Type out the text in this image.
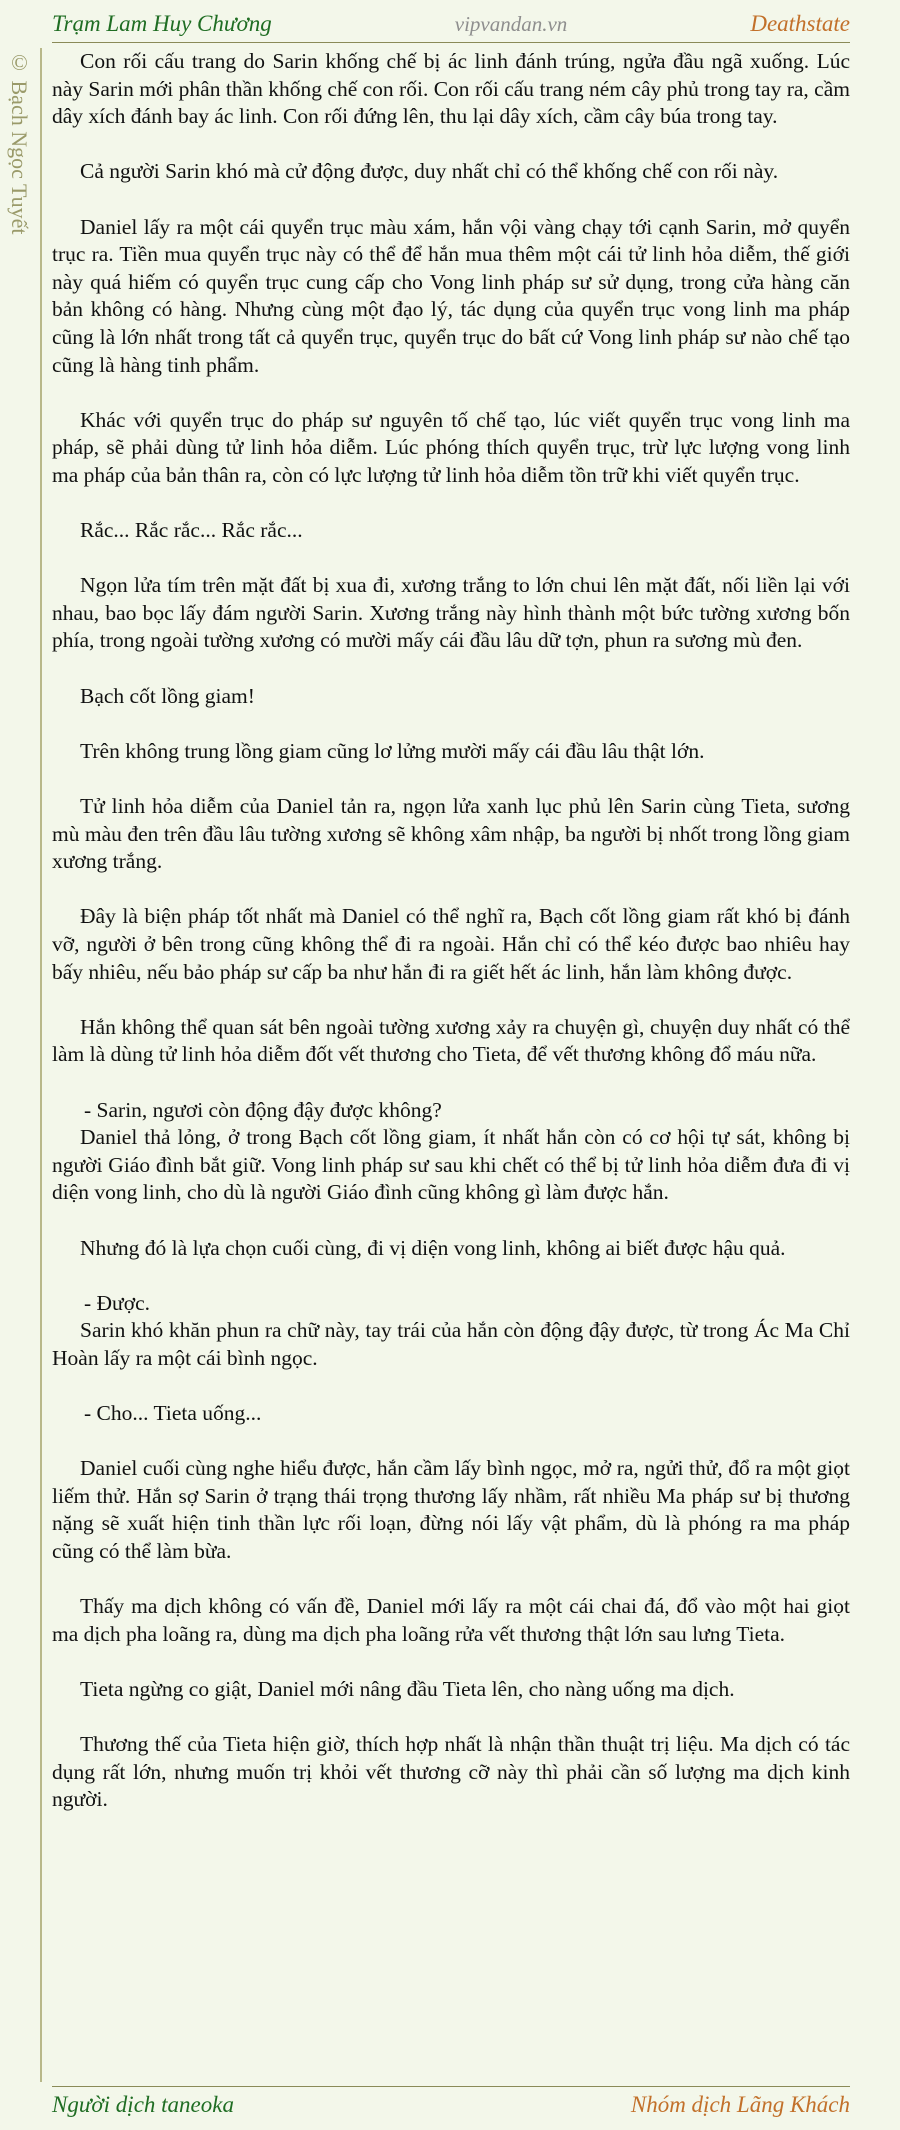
Trạm Lam Huy Chương	vipvandan.vn	Deathstate
© Bạch Ngọc Tuyết	Con rối cấu trang do Sarin khống chế bị ác linh đánh trúng, ngửa đầu ngã xuống. Lúc này Sarin mới phân thần khống chế con rối. Con rối cấu trang ném cây phủ trong tay ra, cầm dây xích đánh bay ác linh. Con rối đứng lên, thu lại dây xích, cầm cây búa trong tay.

Cả người Sarin khó mà cử động được, duy nhất chỉ có thể khống chế con rối này.

Daniel lấy ra một cái quyển trục màu xám, hắn vội vàng chạy tới cạnh Sarin, mở quyển trục ra. Tiền mua quyển trục này có thể để hắn mua thêm một cái tử linh hỏa diễm, thế giới này quá hiếm có quyển trục cung cấp cho Vong linh pháp sư sử dụng, trong cửa hàng căn bản không có hàng. Nhưng cùng một đạo lý, tác dụng của quyển trục vong linh ma pháp cũng là lớn nhất trong tất cả quyển trục, quyển trục do bất cứ Vong linh pháp sư nào chế tạo cũng là hàng tinh phẩm.

Khác với quyển trục do pháp sư nguyên tố chế tạo, lúc viết quyển trục vong linh ma pháp, sẽ phải dùng tử linh hỏa diễm. Lúc phóng thích quyển trục, trừ lực lượng vong linh ma pháp của bản thân ra, còn có lực lượng tử linh hỏa diễm tồn trữ khi viết quyển trục.

Rắc... Rắc rắc... Rắc rắc...

Ngọn lửa tím trên mặt đất bị xua đi, xương trắng to lớn chui lên mặt đất, nối liền lại với nhau, bao bọc lấy đám người Sarin. Xương trắng này hình thành một bức tường xương bốn phía, trong ngoài tường xương có mười mấy cái đầu lâu dữ tợn, phun ra sương mù đen.

Bạch cốt lồng giam!

Trên không trung lồng giam cũng lơ lửng mười mấy cái đầu lâu thật lớn.

Tử linh hỏa diễm của Daniel tản ra, ngọn lửa xanh lục phủ lên Sarin cùng Tieta, sương mù màu đen trên đầu lâu tường xương sẽ không xâm nhập, ba người bị nhốt trong lồng giam xương trắng.

Đây là biện pháp tốt nhất mà Daniel có thể nghĩ ra, Bạch cốt lồng giam rất khó bị đánh vỡ, người ở bên trong cũng không thể đi ra ngoài. Hắn chỉ có thể kéo được bao nhiêu hay bấy nhiêu, nếu bảo pháp sư cấp ba như hắn đi ra giết hết ác linh, hắn làm không được.

Hắn không thể quan sát bên ngoài tường xương xảy ra chuyện gì, chuyện duy nhất có thể làm là dùng tử linh hỏa diễm đốt vết thương cho Tieta, để vết thương không đổ máu nữa.

- Sarin, ngươi còn động đậy được không?

Daniel thả lỏng, ở trong Bạch cốt lồng giam, ít nhất hắn còn có cơ hội tự sát, không bị người Giáo đình bắt giữ. Vong linh pháp sư sau khi chết có thể bị tử linh hỏa diễm đưa đi vị diện vong linh, cho dù là người Giáo đình cũng không gì làm được hắn.

Nhưng đó là lựa chọn cuối cùng, đi vị diện vong linh, không ai biết được hậu quả.

- Được.

Sarin khó khăn phun ra chữ này, tay trái của hắn còn động đậy được, từ trong Ác Ma Chỉ Hoàn lấy ra một cái bình ngọc.

- Cho... Tieta uống...

Daniel cuối cùng nghe hiểu được, hắn cầm lấy bình ngọc, mở ra, ngửi thử, đổ ra một giọt liếm thử. Hắn sợ Sarin ở trạng thái trọng thương lấy nhầm, rất nhiều Ma pháp sư bị thương nặng sẽ xuất hiện tinh thần lực rối loạn, đừng nói lấy vật phẩm, dù là phóng ra ma pháp cũng có thể làm bừa.

Thấy ma dịch không có vấn đề, Daniel mới lấy ra một cái chai đá, đổ vào một hai giọt ma dịch pha loãng ra, dùng ma dịch pha loãng rửa vết thương thật lớn sau lưng Tieta.

Tieta ngừng co giật, Daniel mới nâng đầu Tieta lên, cho nàng uống ma dịch.

Thương thế của Tieta hiện giờ, thích hợp nhất là nhận thần thuật trị liệu. Ma dịch có tác dụng rất lớn, nhưng muốn trị khỏi vết thương cỡ này thì phải cần số lượng ma dịch kinh người.

Người dịch taneoka	Nhóm dịch Lãng Khách
